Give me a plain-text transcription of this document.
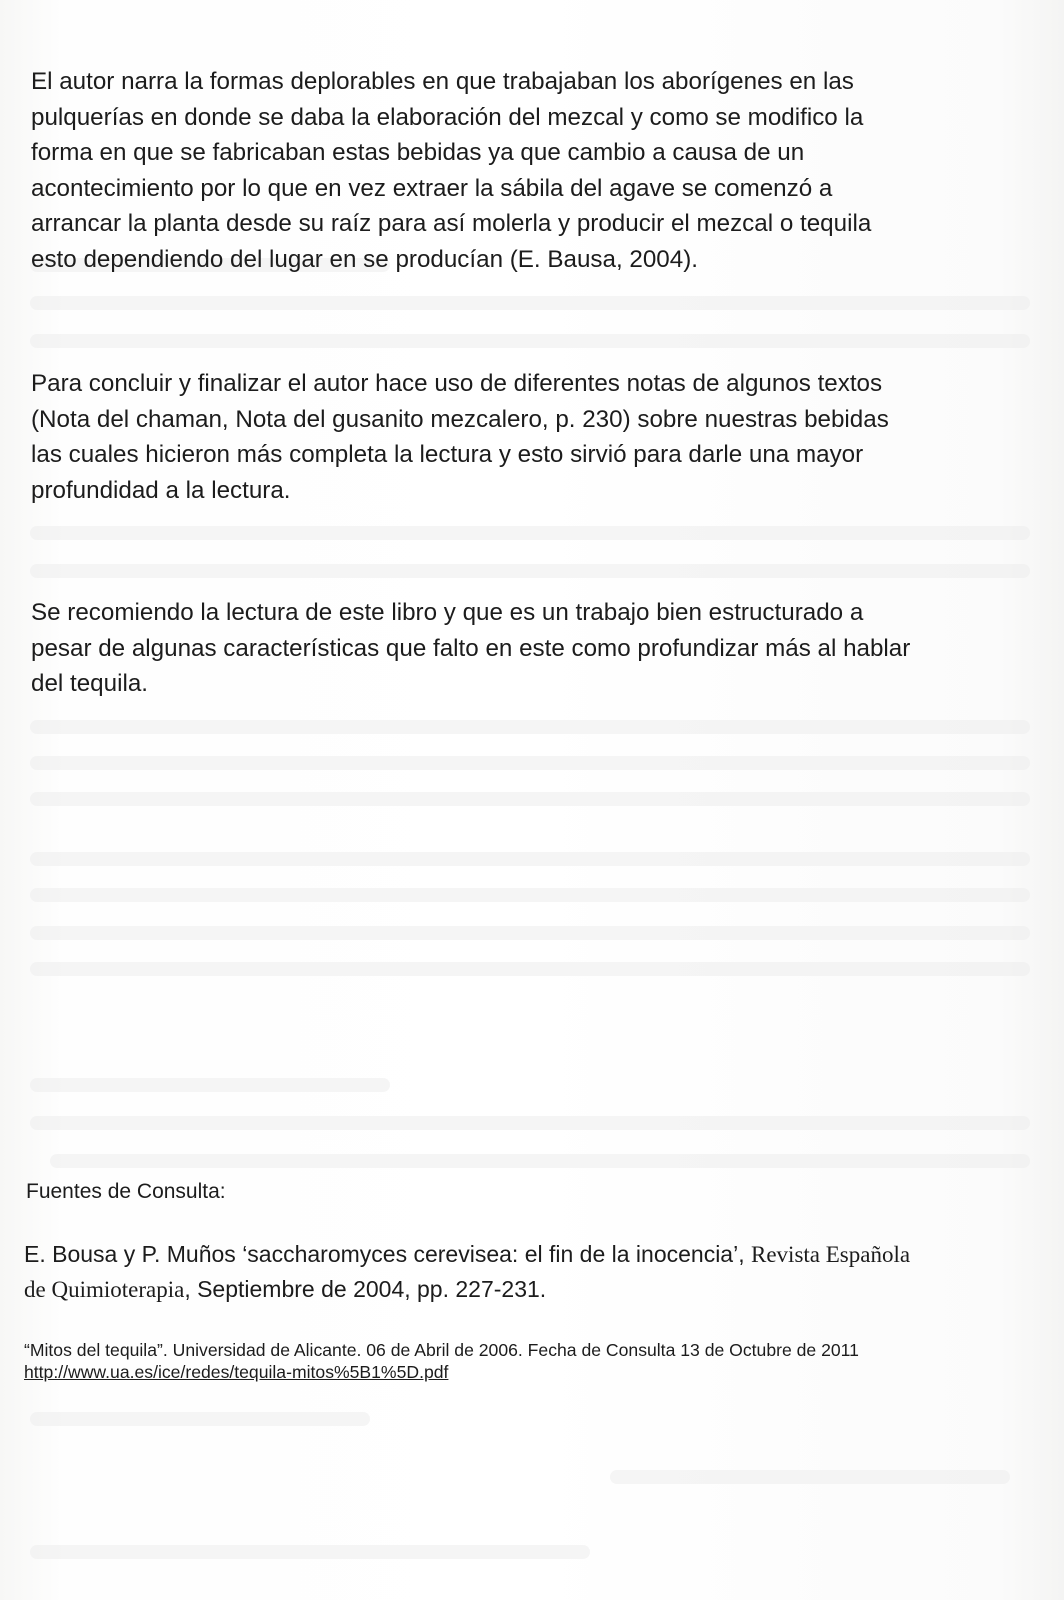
El autor narra la formas deplorables en que trabajaban los aborígenes en las
pulquerías en donde se daba la elaboración del mezcal y como se modifico la
forma en que se fabricaban estas bebidas ya que cambio a causa de un
acontecimiento por lo que en vez extraer la sábila del agave se comenzó a
arrancar la planta desde su raíz para así molerla y producir el mezcal o tequila
esto dependiendo del lugar en se producían (E. Bausa, 2004).

Para concluir y finalizar el autor hace uso de diferentes notas de algunos textos
(Nota del chaman, Nota del gusanito mezcalero, p. 230) sobre nuestras bebidas
las cuales hicieron más completa la lectura y esto sirvió para darle una mayor
profundidad a la lectura.

Se recomiendo la lectura de este libro y que es un trabajo bien estructurado a
pesar de algunas características que falto en este como profundizar más al hablar
del tequila.

Fuentes de Consulta:

E. Bousa y P. Muños ‘saccharomyces cerevisea: el fin de la inocencia’, Revista Española
de Quimioterapia, Septiembre de 2004, pp. 227-231.

“Mitos del tequila”. Universidad de Alicante. 06 de Abril de 2006. Fecha de Consulta 13 de Octubre de 2011
http://www.ua.es/ice/redes/tequila-mitos%5B1%5D.pdf
